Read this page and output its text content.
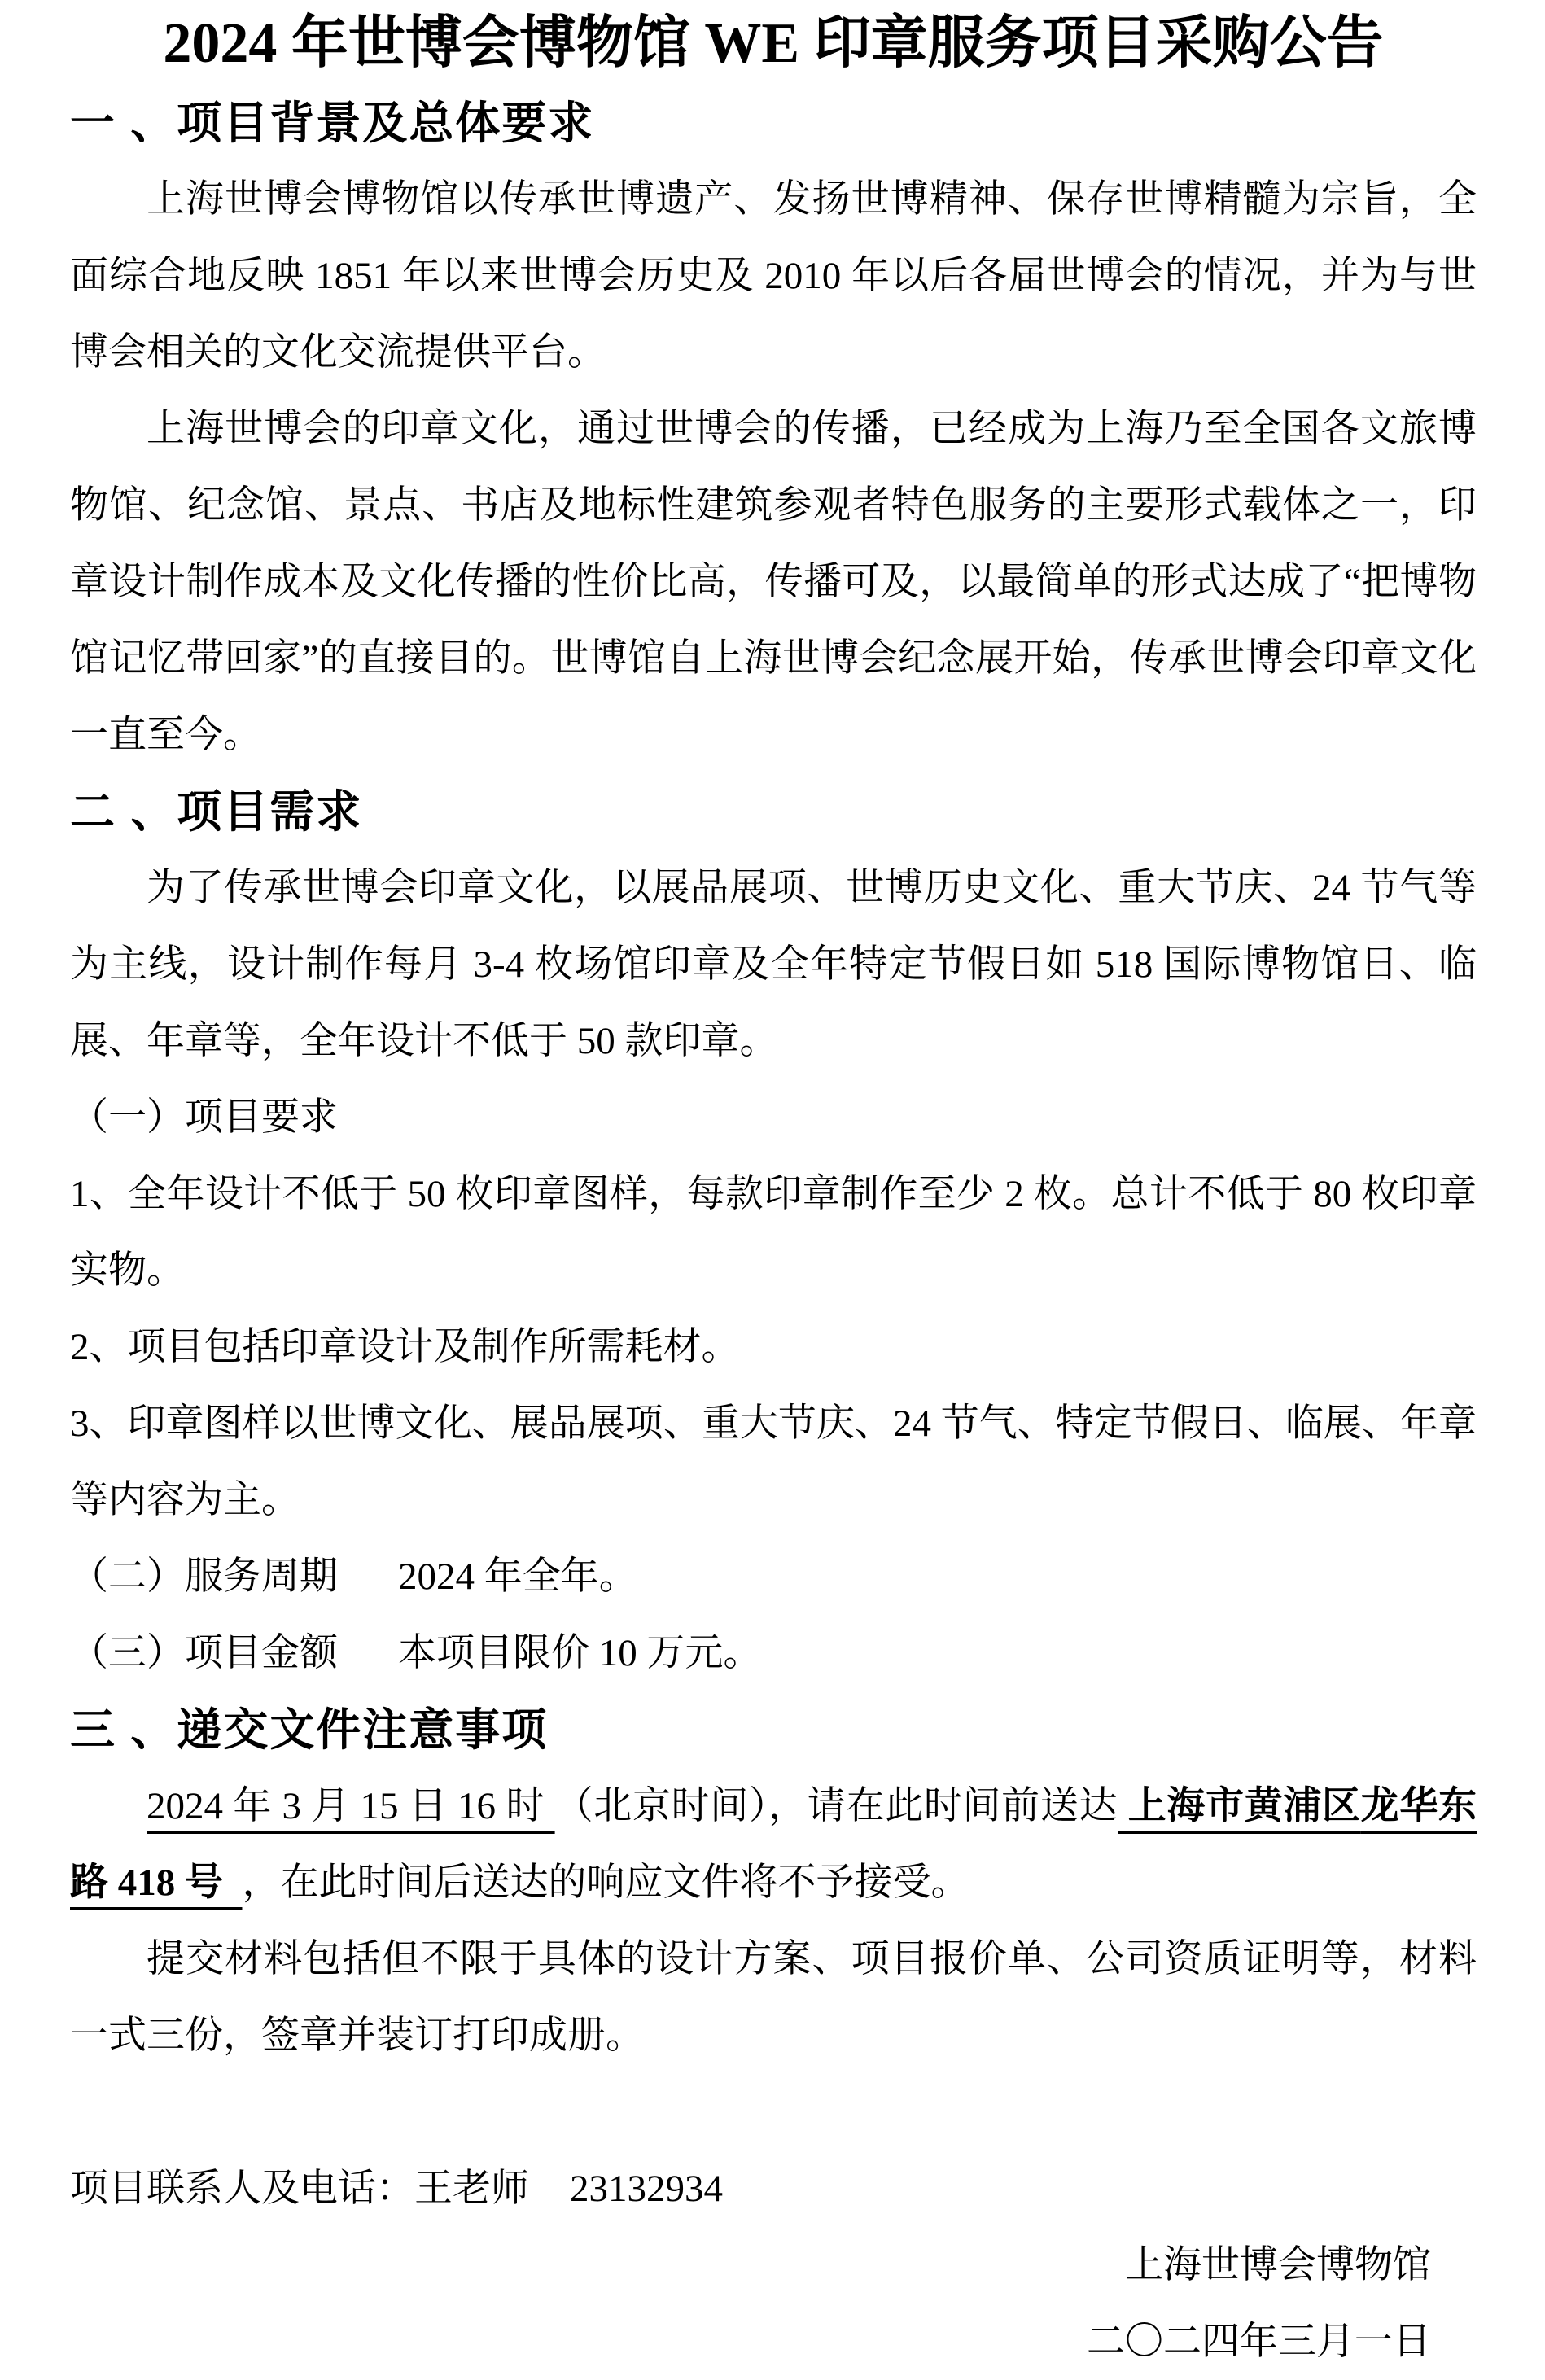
2024 年世博会博物馆 WE 印章服务项目采购公告
一 、项目背景及总体要求

上海世博会博物馆以传承世博遗产、发扬世博精神、保存世博精髓为宗旨，全面综合地反映 1851 年以来世博会历史及 2010 年以后各届世博会的情况，并为与世博会相关的文化交流提供平台。

上海世博会的印章文化，通过世博会的传播，已经成为上海乃至全国各文旅博物馆、纪念馆、景点、书店及地标性建筑参观者特色服务的主要形式载体之一，印章设计制作成本及文化传播的性价比高，传播可及，以最简单的形式达成了“把博物馆记忆带回家”的直接目的。世博馆自上海世博会纪念展开始，传承世博会印章文化一直至今。

二 、项目需求

为了传承世博会印章文化，以展品展项、世博历史文化、重大节庆、24 节气等为主线，设计制作每月 3-4 枚场馆印章及全年特定节假日如 518 国际博物馆日、临展、年章等，全年设计不低于 50 款印章。

（一）项目要求

1、全年设计不低于 50 枚印章图样，每款印章制作至少 2 枚。总计不低于 80 枚印章实物。

2、项目包括印章设计及制作所需耗材。

3、印章图样以世博文化、展品展项、重大节庆、24 节气、特定节假日、临展、年章等内容为主。

（二）服务周期 2024 年全年。

（三）项目金额 本项目限价 10 万元。

三 、递交文件注意事项

2024 年 3 月 15 日 16 时 （北京时间），请在此时间前送达 上海市黄浦区龙华东路 418 号  ，在此时间后送达的响应文件将不予接受。

提交材料包括但不限于具体的设计方案、项目报价单、公司资质证明等，材料一式三份，签章并装订打印成册。

项目联系人及电话：王老师 23132934

上海世博会博物馆

二〇二四年三月一日
